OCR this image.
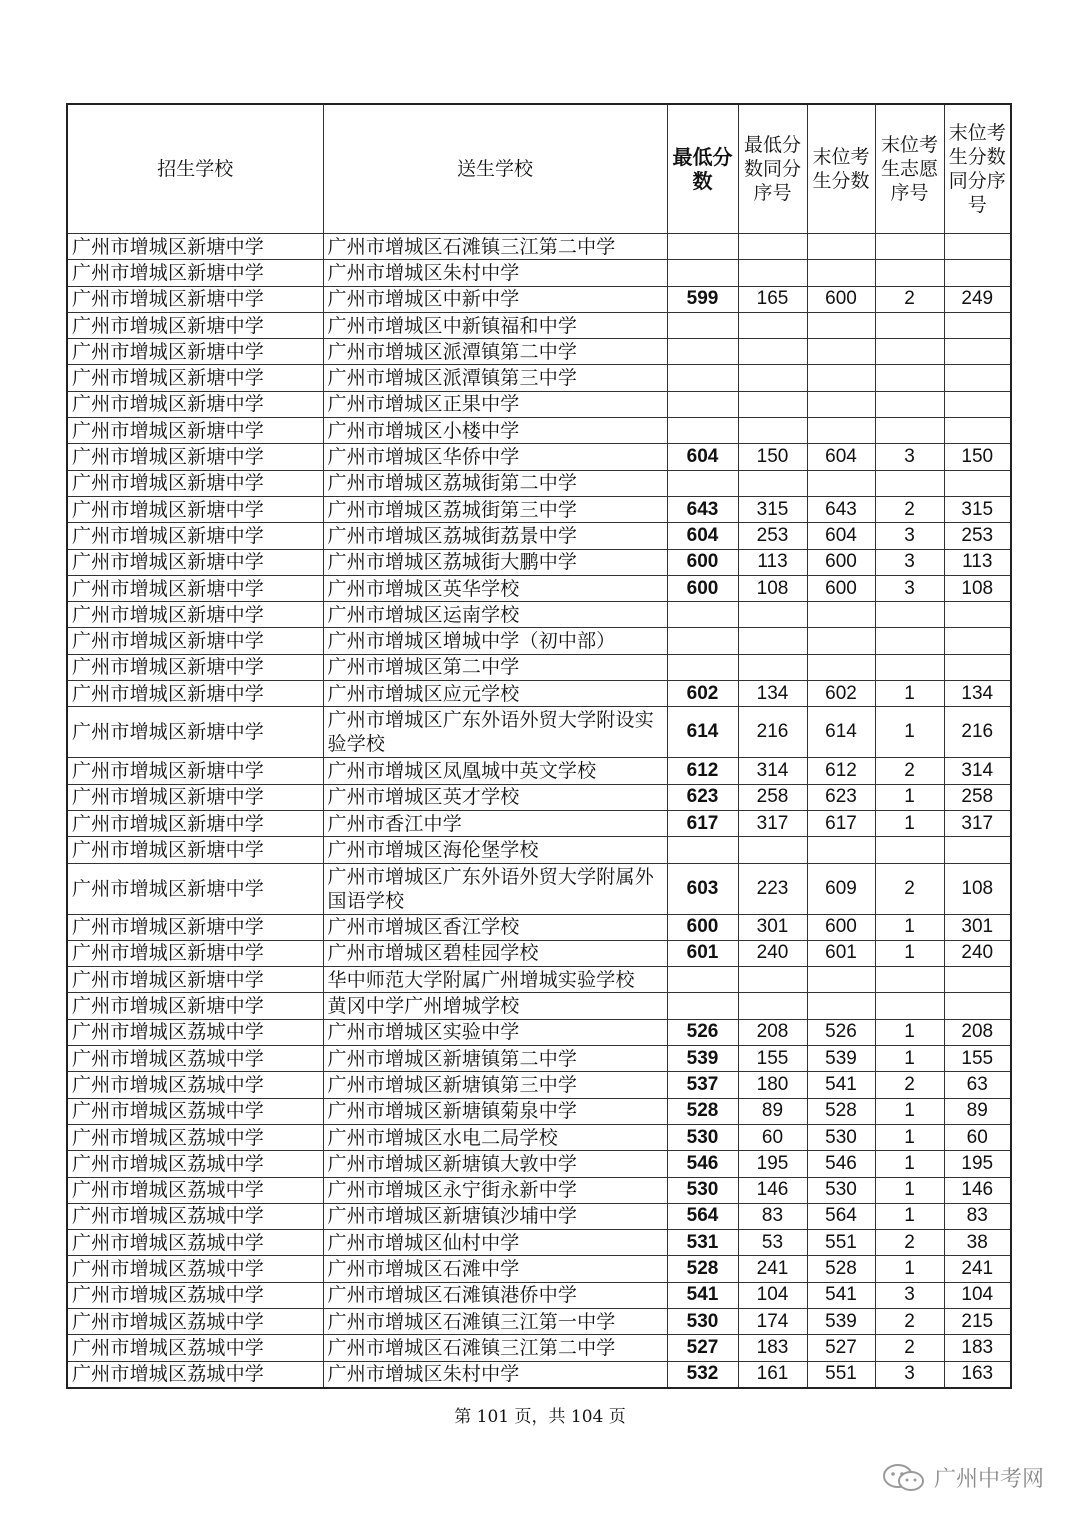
招生学校	送生学校	最低分数	最低分数同分序号	末位考生分数	末位考生志愿序号	末位考生分数同分序号
广州市增城区新塘中学	广州市增城区石滩镇三江第二中学					
广州市增城区新塘中学	广州市增城区朱村中学					
广州市增城区新塘中学	广州市增城区中新中学	599	165	600	2	249
广州市增城区新塘中学	广州市增城区中新镇福和中学					
广州市增城区新塘中学	广州市增城区派潭镇第二中学					
广州市增城区新塘中学	广州市增城区派潭镇第三中学					
广州市增城区新塘中学	广州市增城区正果中学					
广州市增城区新塘中学	广州市增城区小楼中学					
广州市增城区新塘中学	广州市增城区华侨中学	604	150	604	3	150
广州市增城区新塘中学	广州市增城区荔城街第二中学					
广州市增城区新塘中学	广州市增城区荔城街第三中学	643	315	643	2	315
广州市增城区新塘中学	广州市增城区荔城街荔景中学	604	253	604	3	253
广州市增城区新塘中学	广州市增城区荔城街大鹏中学	600	113	600	3	113
广州市增城区新塘中学	广州市增城区英华学校	600	108	600	3	108
广州市增城区新塘中学	广州市增城区运南学校					
广州市增城区新塘中学	广州市增城区增城中学（初中部）					
广州市增城区新塘中学	广州市增城区第二中学					
广州市增城区新塘中学	广州市增城区应元学校	602	134	602	1	134
广州市增城区新塘中学	广州市增城区广东外语外贸大学附设实验学校	614	216	614	1	216
广州市增城区新塘中学	广州市增城区凤凰城中英文学校	612	314	612	2	314
广州市增城区新塘中学	广州市增城区英才学校	623	258	623	1	258
广州市增城区新塘中学	广州市香江中学	617	317	617	1	317
广州市增城区新塘中学	广州市增城区海伦堡学校					
广州市增城区新塘中学	广州市增城区广东外语外贸大学附属外国语学校	603	223	609	2	108
广州市增城区新塘中学	广州市增城区香江学校	600	301	600	1	301
广州市增城区新塘中学	广州市增城区碧桂园学校	601	240	601	1	240
广州市增城区新塘中学	华中师范大学附属广州增城实验学校					
广州市增城区新塘中学	黄冈中学广州增城学校					
广州市增城区荔城中学	广州市增城区实验中学	526	208	526	1	208
广州市增城区荔城中学	广州市增城区新塘镇第二中学	539	155	539	1	155
广州市增城区荔城中学	广州市增城区新塘镇第三中学	537	180	541	2	63
广州市增城区荔城中学	广州市增城区新塘镇菊泉中学	528	89	528	1	89
广州市增城区荔城中学	广州市增城区水电二局学校	530	60	530	1	60
广州市增城区荔城中学	广州市增城区新塘镇大敦中学	546	195	546	1	195
广州市增城区荔城中学	广州市增城区永宁街永新中学	530	146	530	1	146
广州市增城区荔城中学	广州市增城区新塘镇沙埔中学	564	83	564	1	83
广州市增城区荔城中学	广州市增城区仙村中学	531	53	551	2	38
广州市增城区荔城中学	广州市增城区石滩中学	528	241	528	1	241
广州市增城区荔城中学	广州市增城区石滩镇港侨中学	541	104	541	3	104
广州市增城区荔城中学	广州市增城区石滩镇三江第一中学	530	174	539	2	215
广州市增城区荔城中学	广州市增城区石滩镇三江第二中学	527	183	527	2	183
广州市增城区荔城中学	广州市增城区朱村中学	532	161	551	3	163
第 101 页，共 104 页
广州中考网
